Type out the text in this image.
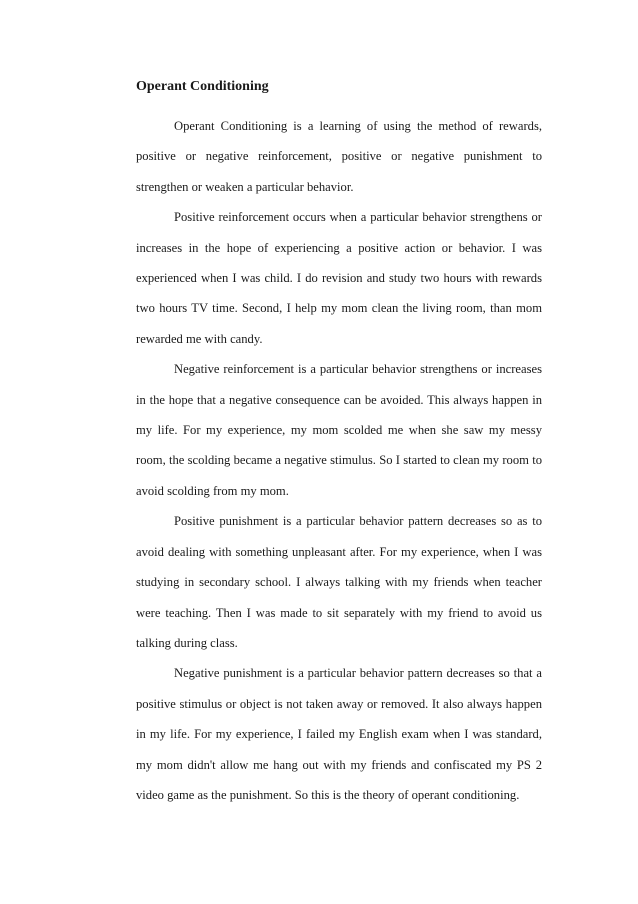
Operant Conditioning

Operant Conditioning is a learning of using the method of rewards, positive or negative reinforcement, positive or negative punishment to strengthen or weaken a particular behavior.

Positive reinforcement occurs when a particular behavior strengthens or increases in the hope of experiencing a positive action or behavior. I was experienced when I was child. I do revision and study two hours with rewards two hours TV time. Second, I help my mom clean the living room, than mom rewarded me with candy.

Negative reinforcement is a particular behavior strengthens or increases in the hope that a negative consequence can be avoided. This always happen in my life. For my experience, my mom scolded me when she saw my messy room, the scolding became a negative stimulus. So I started to clean my room to avoid scolding from my mom.

Positive punishment is a particular behavior pattern decreases so as to avoid dealing with something unpleasant after. For my experience, when I was studying in secondary school. I always talking with my friends when teacher were teaching. Then I was made to sit separately with my friend to avoid us talking during class.

Negative punishment is a particular behavior pattern decreases so that a positive stimulus or object is not taken away or removed. It also always happen in my life. For my experience, I failed my English exam when I was standard, my mom didn't allow me hang out with my friends and confiscated my PS 2 video game as the punishment. So this is the theory of operant conditioning.
